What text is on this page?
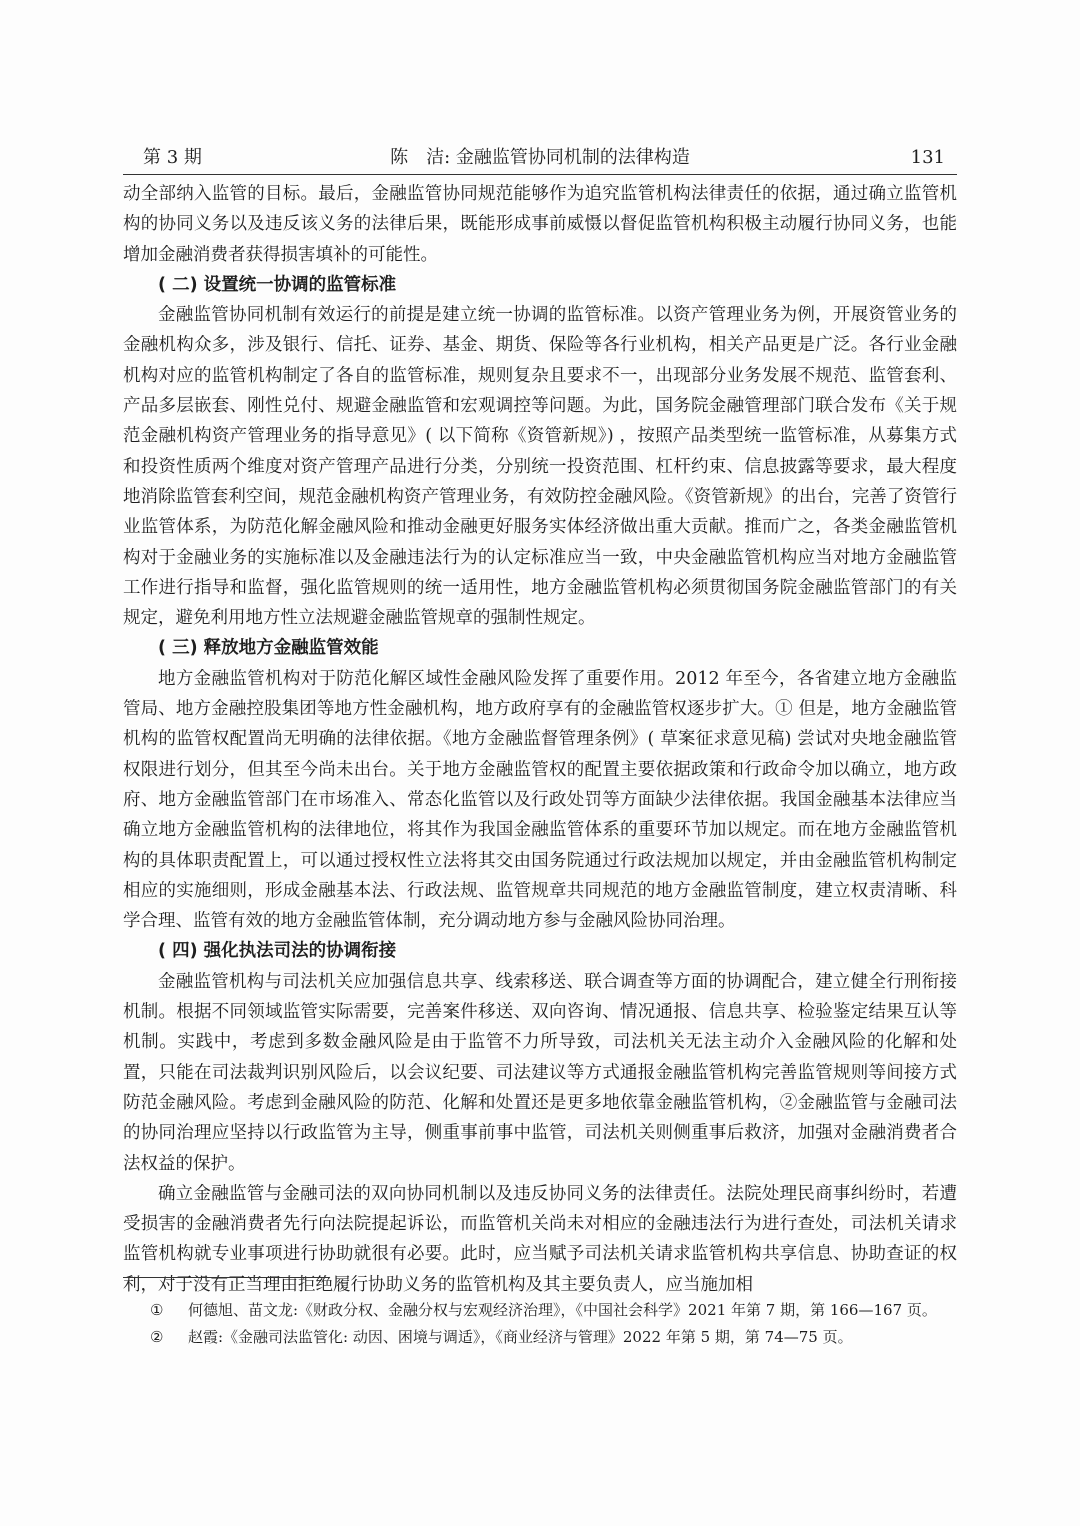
第 3 期	陈　洁: 金融监管协同机制的法律构造	131

动全部纳入监管的目标。最后，金融监管协同规范能够作为追究监管机构法律责任的依据，通过确立监管机构的协同义务以及违反该义务的法律后果，既能形成事前威慑以督促监管机构积极主动履行协同义务，也能增加金融消费者获得损害填补的可能性。

( 二) 设置统一协调的监管标准

金融监管协同机制有效运行的前提是建立统一协调的监管标准。以资产管理业务为例，开展资管业务的金融机构众多，涉及银行、信托、证券、基金、期货、保险等各行业机构，相关产品更是广泛。各行业金融机构对应的监管机构制定了各自的监管标准，规则复杂且要求不一，出现部分业务发展不规范、监管套利、产品多层嵌套、刚性兑付、规避金融监管和宏观调控等问题。为此，国务院金融管理部门联合发布《关于规范金融机构资产管理业务的指导意见》( 以下简称《资管新规》) ，按照产品类型统一监管标准，从募集方式和投资性质两个维度对资产管理产品进行分类，分别统一投资范围、杠杆约束、信息披露等要求，最大程度地消除监管套利空间，规范金融机构资产管理业务，有效防控金融风险。《资管新规》的出台，完善了资管行业监管体系，为防范化解金融风险和推动金融更好服务实体经济做出重大贡献。推而广之，各类金融监管机构对于金融业务的实施标准以及金融违法行为的认定标准应当一致，中央金融监管机构应当对地方金融监管工作进行指导和监督，强化监管规则的统一适用性，地方金融监管机构必须贯彻国务院金融监管部门的有关规定，避免利用地方性立法规避金融监管规章的强制性规定。

( 三) 释放地方金融监管效能

地方金融监管机构对于防范化解区域性金融风险发挥了重要作用。2012 年至今，各省建立地方金融监管局、地方金融控股集团等地方性金融机构，地方政府享有的金融监管权逐步扩大。① 但是，地方金融监管机构的监管权配置尚无明确的法律依据。《地方金融监督管理条例》( 草案征求意见稿) 尝试对央地金融监管权限进行划分，但其至今尚未出台。关于地方金融监管权的配置主要依据政策和行政命令加以确立，地方政府、地方金融监管部门在市场准入、常态化监管以及行政处罚等方面缺少法律依据。我国金融基本法律应当确立地方金融监管机构的法律地位，将其作为我国金融监管体系的重要环节加以规定。而在地方金融监管机构的具体职责配置上，可以通过授权性立法将其交由国务院通过行政法规加以规定，并由金融监管机构制定相应的实施细则，形成金融基本法、行政法规、监管规章共同规范的地方金融监管制度，建立权责清晰、科学合理、监管有效的地方金融监管体制，充分调动地方参与金融风险协同治理。

( 四) 强化执法司法的协调衔接

金融监管机构与司法机关应加强信息共享、线索移送、联合调查等方面的协调配合，建立健全行刑衔接机制。根据不同领域监管实际需要，完善案件移送、双向咨询、情况通报、信息共享、检验鉴定结果互认等机制。实践中，考虑到多数金融风险是由于监管不力所导致，司法机关无法主动介入金融风险的化解和处置，只能在司法裁判识别风险后，以会议纪要、司法建议等方式通报金融监管机构完善监管规则等间接方式防范金融风险。考虑到金融风险的防范、化解和处置还是更多地依靠金融监管机构，②金融监管与金融司法的协同治理应坚持以行政监管为主导，侧重事前事中监管，司法机关则侧重事后救济，加强对金融消费者合法权益的保护。

确立金融监管与金融司法的双向协同机制以及违反协同义务的法律责任。法院处理民商事纠纷时，若遭受损害的金融消费者先行向法院提起诉讼，而监管机关尚未对相应的金融违法行为进行查处，司法机关请求监管机构就专业事项进行协助就很有必要。此时，应当赋予司法机关请求监管机构共享信息、协助查证的权利，对于没有正当理由拒绝履行协助义务的监管机构及其主要负责人，应当施加相

①	何德旭、苗文龙:《财政分权、金融分权与宏观经济治理》，《中国社会科学》2021 年第 7 期，第 166—167 页。
②	赵霞:《金融司法监管化: 动因、困境与调适》，《商业经济与管理》2022 年第 5 期，第 74—75 页。
